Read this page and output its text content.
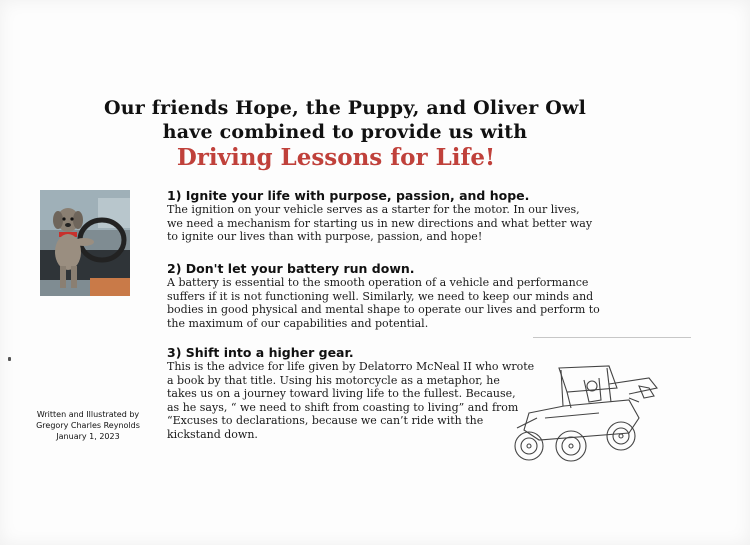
Our friends Hope, the Puppy, and Oliver Owl
have combined to provide us with
Driving Lessons for Life!
1) Ignite your life with purpose, passion, and hope.
The ignition on your vehicle serves as a starter for the motor. In our lives,
we need a mechanism for starting us in new directions and what better way
to ignite our lives than with purpose, passion, and hope!
2) Don't let your battery run down.
A battery is essential to the smooth operation of a vehicle and performance
suffers if it is not functioning well. Similarly, we need to keep our minds and
bodies in good physical and mental shape to operate our lives and perform to
the maximum of our capabilities and potential.
3) Shift into a higher gear.
This is the advice for life given by Delatorro McNeal II who wrote
a book by that title. Using his motorcycle as a metaphor, he
takes us on a journey toward living life to the fullest. Because,
as he says, “ we need to shift from coasting to living” and from
“Excuses to declarations, because we can’t ride with the
kickstand down.
Written and Illustrated by
Gregory Charles Reynolds
January 1, 2023
